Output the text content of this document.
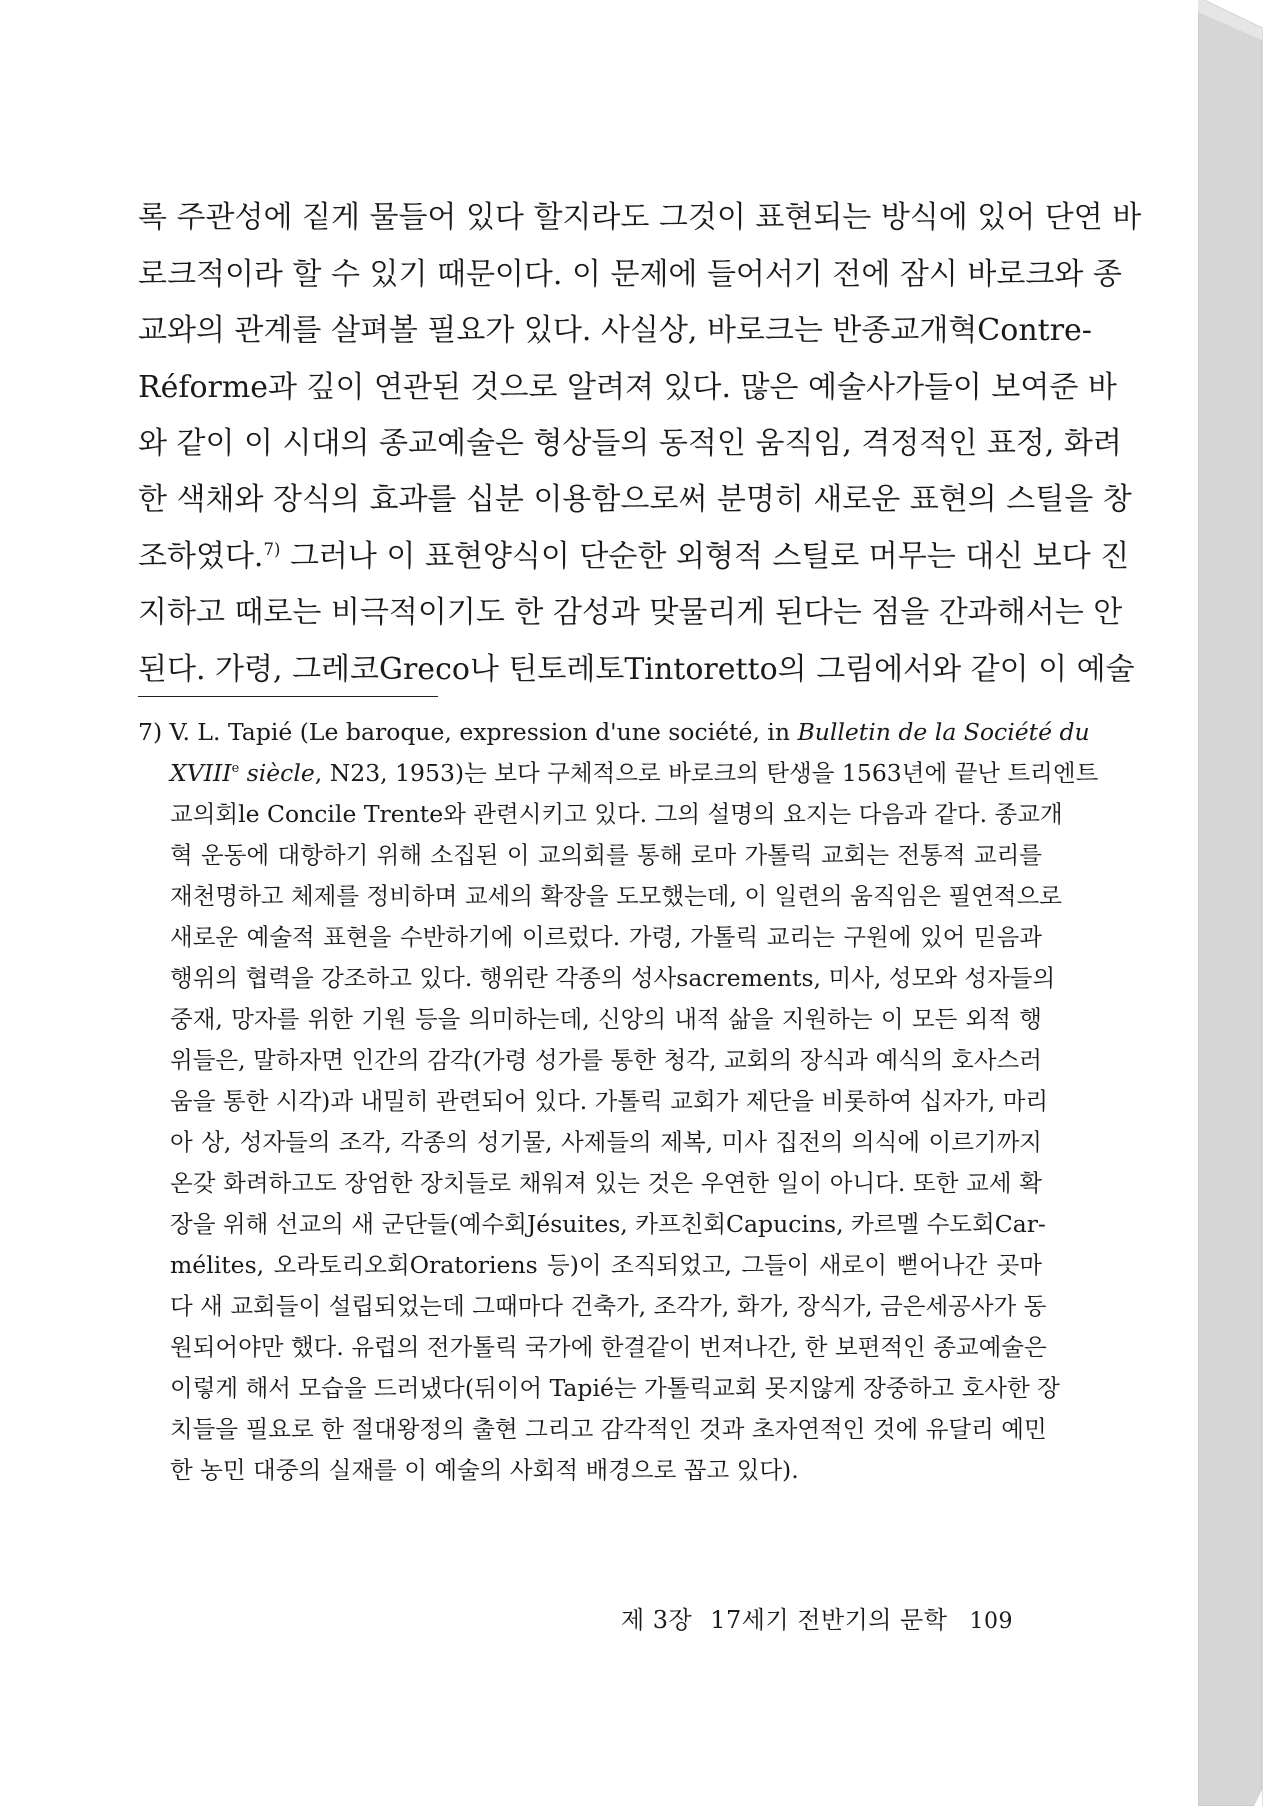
록 주관성에 짙게 물들어 있다 할지라도 그것이 표현되는 방식에 있어 단연 바
로크적이라 할 수 있기 때문이다. 이 문제에 들어서기 전에 잠시 바로크와 종
교와의 관계를 살펴볼 필요가 있다. 사실상, 바로크는 반종교개혁Contre-
Réforme과 깊이 연관된 것으로 알려져 있다. 많은 예술사가들이 보여준 바
와 같이 이 시대의 종교예술은 형상들의 동적인 움직임, 격정적인 표정, 화려
한 색채와 장식의 효과를 십분 이용함으로써 분명히 새로운 표현의 스틸을 창
조하였다.$^{7)}$ 그러나 이 표현양식이 단순한 외형적 스틸로 머무는 대신 보다 진
지하고 때로는 비극적이기도 한 감성과 맞물리게 된다는 점을 간과해서는 안
된다. 가령, 그레코Greco나 틴토레토Tintoretto의 그림에서와 같이 이 예술
7) V. L. Tapié (Le baroque, expression d'une société, in Bulletin de la Société du
XVIIIe siècle, N23, 1953)는 보다 구체적으로 바로크의 탄생을 1563년에 끝난 트리엔트
교의회le Concile Trente와 관련시키고 있다. 그의 설명의 요지는 다음과 같다. 종교개
혁 운동에 대항하기 위해 소집된 이 교의회를 통해 로마 가톨릭 교회는 전통적 교리를
재천명하고 체제를 정비하며 교세의 확장을 도모했는데, 이 일련의 움직임은 필연적으로
새로운 예술적 표현을 수반하기에 이르렀다. 가령, 가톨릭 교리는 구원에 있어 믿음과
행위의 협력을 강조하고 있다. 행위란 각종의 성사sacrements, 미사, 성모와 성자들의
중재, 망자를 위한 기원 등을 의미하는데, 신앙의 내적 삶을 지원하는 이 모든 외적 행
위들은, 말하자면 인간의 감각(가령 성가를 통한 청각, 교회의 장식과 예식의 호사스러
움을 통한 시각)과 내밀히 관련되어 있다. 가톨릭 교회가 제단을 비롯하여 십자가, 마리
아 상, 성자들의 조각, 각종의 성기물, 사제들의 제복, 미사 집전의 의식에 이르기까지
온갖 화려하고도 장엄한 장치들로 채워져 있는 것은 우연한 일이 아니다. 또한 교세 확
장을 위해 선교의 새 군단들(예수회Jésuites, 카프친회Capucins, 카르멜 수도회Car-
mélites, 오라토리오회Oratoriens 등)이 조직되었고, 그들이 새로이 뻗어나간 곳마
다 새 교회들이 설립되었는데 그때마다 건축가, 조각가, 화가, 장식가, 금은세공사가 동
원되어야만 했다. 유럽의 전가톨릭 국가에 한결같이 번져나간, 한 보편적인 종교예술은
이렇게 해서 모습을 드러냈다(뒤이어 Tapié는 가톨릭교회 못지않게 장중하고 호사한 장
치들을 필요로 한 절대왕정의 출현 그리고 감각적인 것과 초자연적인 것에 유달리 예민
한 농민 대중의 실재를 이 예술의 사회적 배경으로 꼽고 있다).
제 3장 17세기 전반기의 문학 109
